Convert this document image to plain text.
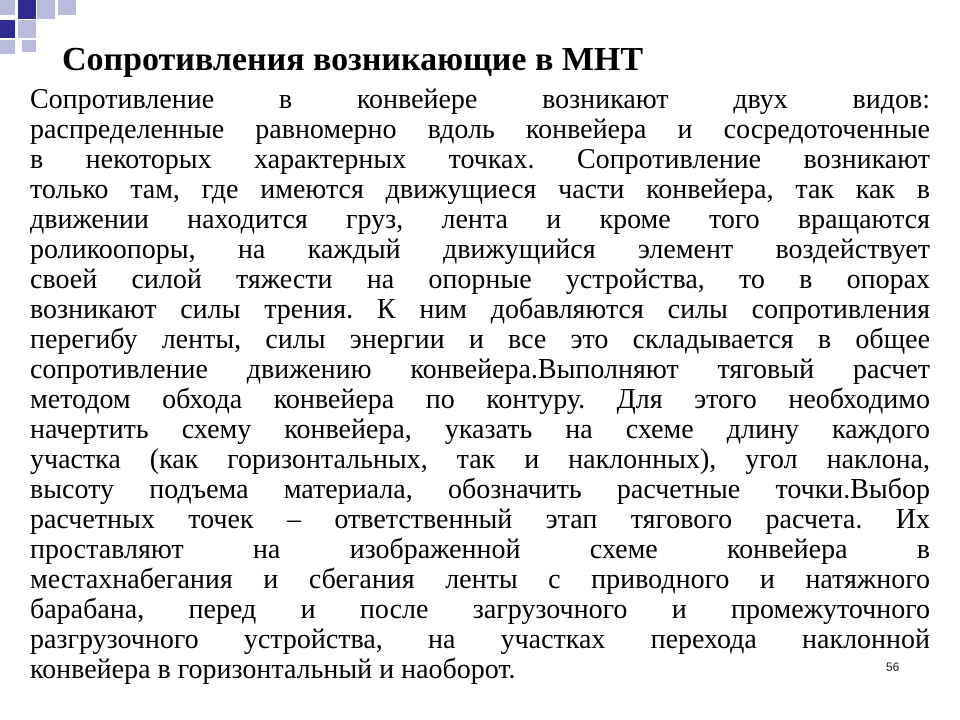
Сопротивления возникающие в МНТ
Сопротивление в конвейере возникают двух видов:
распределенные равномерно вдоль конвейера и сосредоточенные
в некоторых характерных точках. Сопротивление возникают
только там, где имеются движущиеся части конвейера, так как в
движении находится груз, лента и кроме того вращаются
роликоопоры, на каждый движущийся элемент воздействует
своей силой тяжести на опорные устройства, то в опорах
возникают силы трения. К ним добавляются силы сопротивления
перегибу ленты, силы энергии и все это складывается в общее
сопротивление движению конвейера.Выполняют тяговый расчет
методом обхода конвейера по контуру. Для этого необходимо
начертить схему конвейера, указать на схеме длину каждого
участка (как горизонтальных, так и наклонных), угол наклона,
высоту подъема материала, обозначить расчетные точки.Выбор
расчетных точек – ответственный этап тягового расчета. Их
проставляют на изображенной схеме конвейера в
местахнабегания и сбегания ленты с приводного и натяжного
барабана, перед и после загрузочного и промежуточного
разгрузочного устройства, на участках перехода наклонной
конвейера в горизонтальный и наоборот.	56
